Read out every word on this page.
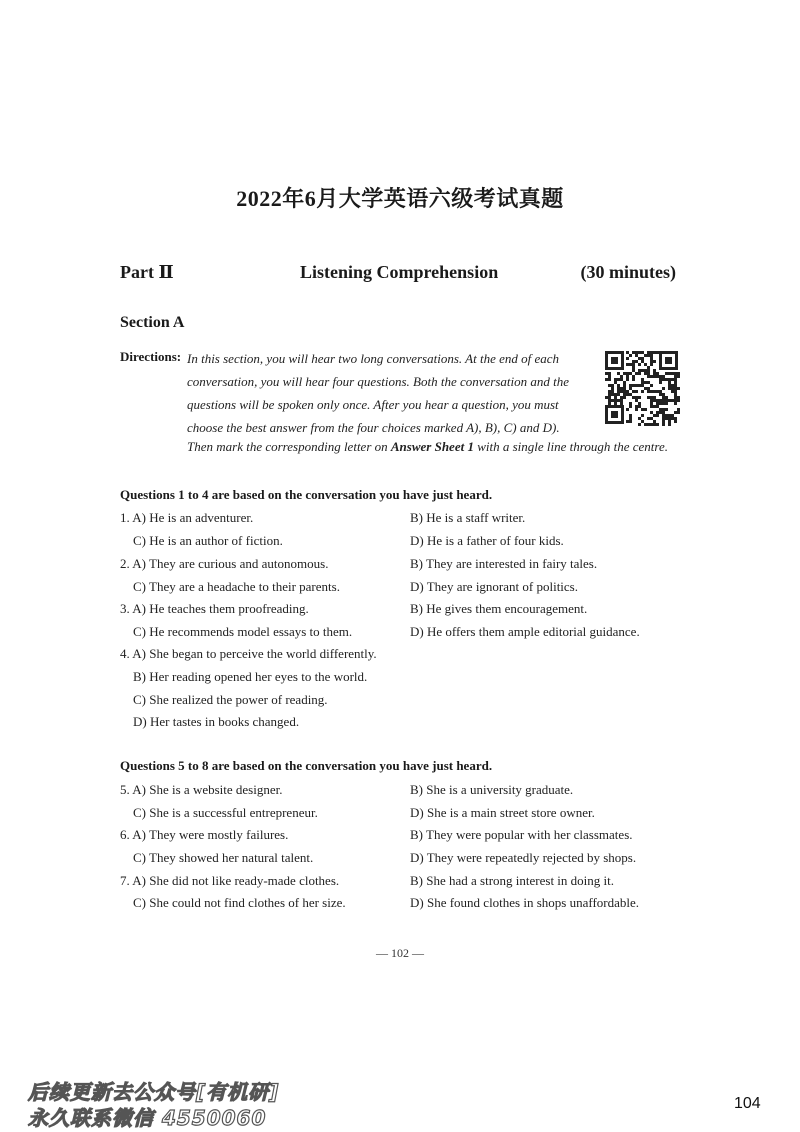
2022年6月大学英语六级考试真题
Part Ⅱ	Listening Comprehension	(30 minutes)
Section A
Directions: In this section, you will hear two long conversations. At the end of each conversation, you will hear four questions. Both the conversation and the questions will be spoken only once. After you hear a question, you must choose the best answer from the four choices marked A), B), C) and D).
Then mark the corresponding letter on Answer Sheet 1 with a single line through the centre.
Questions 1 to 4 are based on the conversation you have just heard.
1. A) He is an adventurer.	B) He is a staff writer.
C) He is an author of fiction.	D) He is a father of four kids.
2. A) They are curious and autonomous.	B) They are interested in fairy tales.
C) They are a headache to their parents.	D) They are ignorant of politics.
3. A) He teaches them proofreading.	B) He gives them encouragement.
C) He recommends model essays to them.	D) He offers them ample editorial guidance.
4. A) She began to perceive the world differently.
B) Her reading opened her eyes to the world.
C) She realized the power of reading.
D) Her tastes in books changed.
Questions 5 to 8 are based on the conversation you have just heard.
5. A) She is a website designer.	B) She is a university graduate.
C) She is a successful entrepreneur.	D) She is a main street store owner.
6. A) They were mostly failures.	B) They were popular with her classmates.
C) They showed her natural talent.	D) They were repeatedly rejected by shops.
7. A) She did not like ready-made clothes.	B) She had a strong interest in doing it.
C) She could not find clothes of her size.	D) She found clothes in shops unaffordable.
— 102 —
后续更新去公众号[有机研]
永久联系微信 4550060
104
